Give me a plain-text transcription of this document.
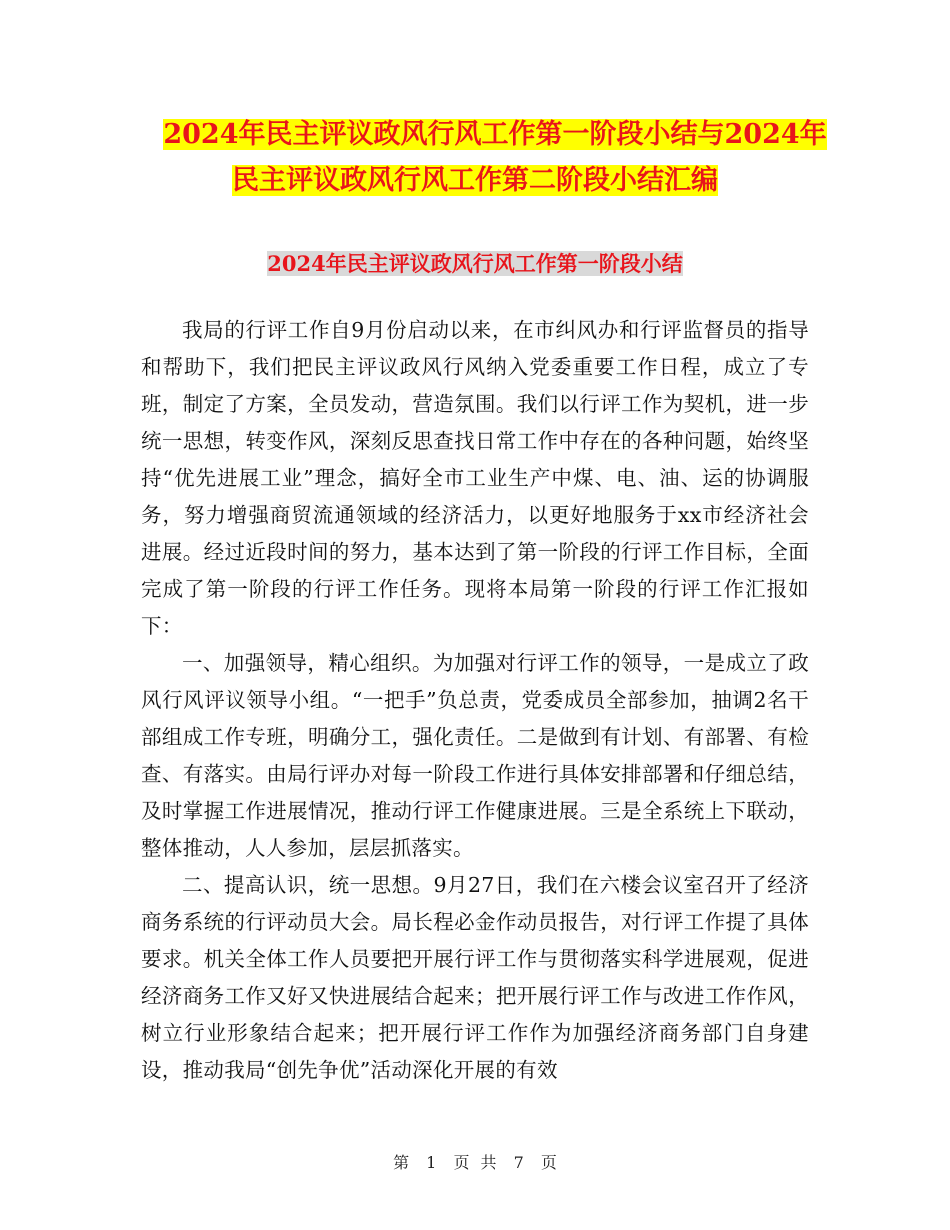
2024年民主评议政风行风工作第一阶段小结与2024年
民主评议政风行风工作第二阶段小结汇编
2024年民主评议政风行风工作第一阶段小结

我局的行评工作自9月份启动以来，在市纠风办和行评监督员的指导和帮助下，我们把民主评议政风行风纳入党委重要工作日程，成立了专班，制定了方案，全员发动，营造氛围。我们以行评工作为契机，进一步统一思想，转变作风，深刻反思查找日常工作中存在的各种问题，始终坚持“优先进展工业”理念，搞好全市工业生产中煤、电、油、运的协调服务，努力增强商贸流通领域的经济活力，以更好地服务于xx市经济社会进展。经过近段时间的努力，基本达到了第一阶段的行评工作目标，全面完成了第一阶段的行评工作任务。现将本局第一阶段的行评工作汇报如下：

一、加强领导，精心组织。为加强对行评工作的领导，一是成立了政风行风评议领导小组。“一把手”负总责，党委成员全部参加，抽调2名干部组成工作专班，明确分工，强化责任。二是做到有计划、有部署、有检查、有落实。由局行评办对每一阶段工作进行具体安排部署和仔细总结，及时掌握工作进展情况，推动行评工作健康进展。三是全系统上下联动，整体推动，人人参加，层层抓落实。

二、提高认识，统一思想。9月27日，我们在六楼会议室召开了经济商务系统的行评动员大会。局长程必金作动员报告，对行评工作提了具体要求。机关全体工作人员要把开展行评工作与贯彻落实科学进展观，促进经济商务工作又好又快进展结合起来；把开展行评工作与改进工作作风，树立行业形象结合起来；把开展行评工作作为加强经济商务部门自身建设，推动我局“创先争优”活动深化开展的有效

第 1 页 共 7 页
